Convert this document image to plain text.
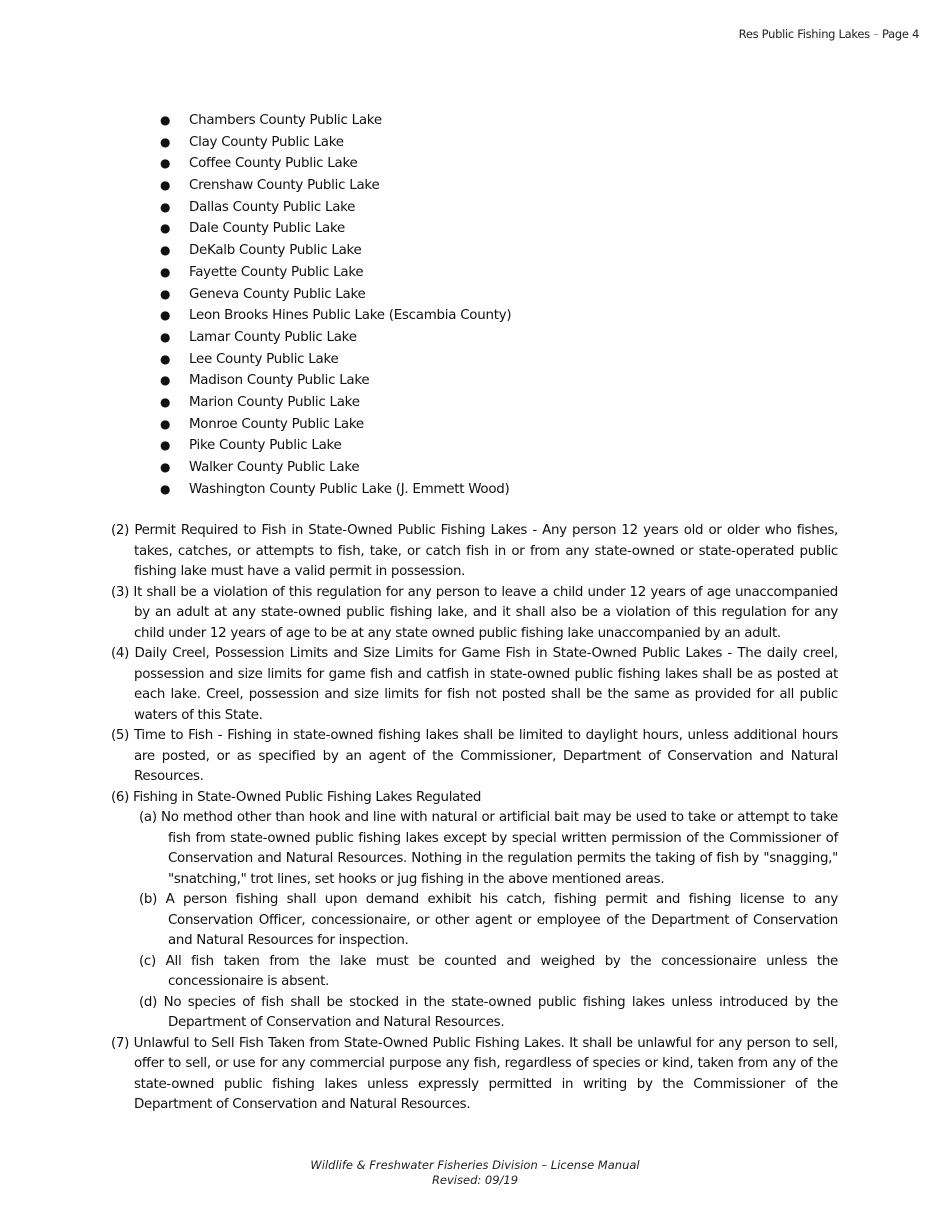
Res Public Fishing Lakes – Page 4
● Chambers County Public Lake
● Clay County Public Lake
● Coffee County Public Lake
● Crenshaw County Public Lake
● Dallas County Public Lake
● Dale County Public Lake
● DeKalb County Public Lake
● Fayette County Public Lake
● Geneva County Public Lake
● Leon Brooks Hines Public Lake (Escambia County)
● Lamar County Public Lake
● Lee County Public Lake
● Madison County Public Lake
● Marion County Public Lake
● Monroe County Public Lake
● Pike County Public Lake
● Walker County Public Lake
● Washington County Public Lake (J. Emmett Wood)

(2) Permit Required to Fish in State-Owned Public Fishing Lakes - Any person 12 years old or older who fishes, takes, catches, or attempts to fish, take, or catch fish in or from any state-owned or state-operated public fishing lake must have a valid permit in possession.

(3) It shall be a violation of this regulation for any person to leave a child under 12 years of age unaccompanied by an adult at any state-owned public fishing lake, and it shall also be a violation of this regulation for any child under 12 years of age to be at any state owned public fishing lake unaccompanied by an adult.

(4) Daily Creel, Possession Limits and Size Limits for Game Fish in State-Owned Public Lakes - The daily creel, possession and size limits for game fish and catfish in state-owned public fishing lakes shall be as posted at each lake. Creel, possession and size limits for fish not posted shall be the same as provided for all public waters of this State.

(5) Time to Fish - Fishing in state-owned fishing lakes shall be limited to daylight hours, unless additional hours are posted, or as specified by an agent of the Commissioner, Department of Conservation and Natural Resources.

(6) Fishing in State-Owned Public Fishing Lakes Regulated

(a) No method other than hook and line with natural or artificial bait may be used to take or attempt to take fish from state-owned public fishing lakes except by special written permission of the Commissioner of Conservation and Natural Resources. Nothing in the regulation permits the taking of fish by "snagging," "snatching," trot lines, set hooks or jug fishing in the above mentioned areas.

(b) A person fishing shall upon demand exhibit his catch, fishing permit and fishing license to any Conservation Officer, concessionaire, or other agent or employee of the Department of Conservation and Natural Resources for inspection.

(c) All fish taken from the lake must be counted and weighed by the concessionaire unless the concessionaire is absent.

(d) No species of fish shall be stocked in the state-owned public fishing lakes unless introduced by the Department of Conservation and Natural Resources.

(7) Unlawful to Sell Fish Taken from State-Owned Public Fishing Lakes. It shall be unlawful for any person to sell, offer to sell, or use for any commercial purpose any fish, regardless of species or kind, taken from any of the state-owned public fishing lakes unless expressly permitted in writing by the Commissioner of the Department of Conservation and Natural Resources.

Wildlife & Freshwater Fisheries Division – License Manual
Revised: 09/19
